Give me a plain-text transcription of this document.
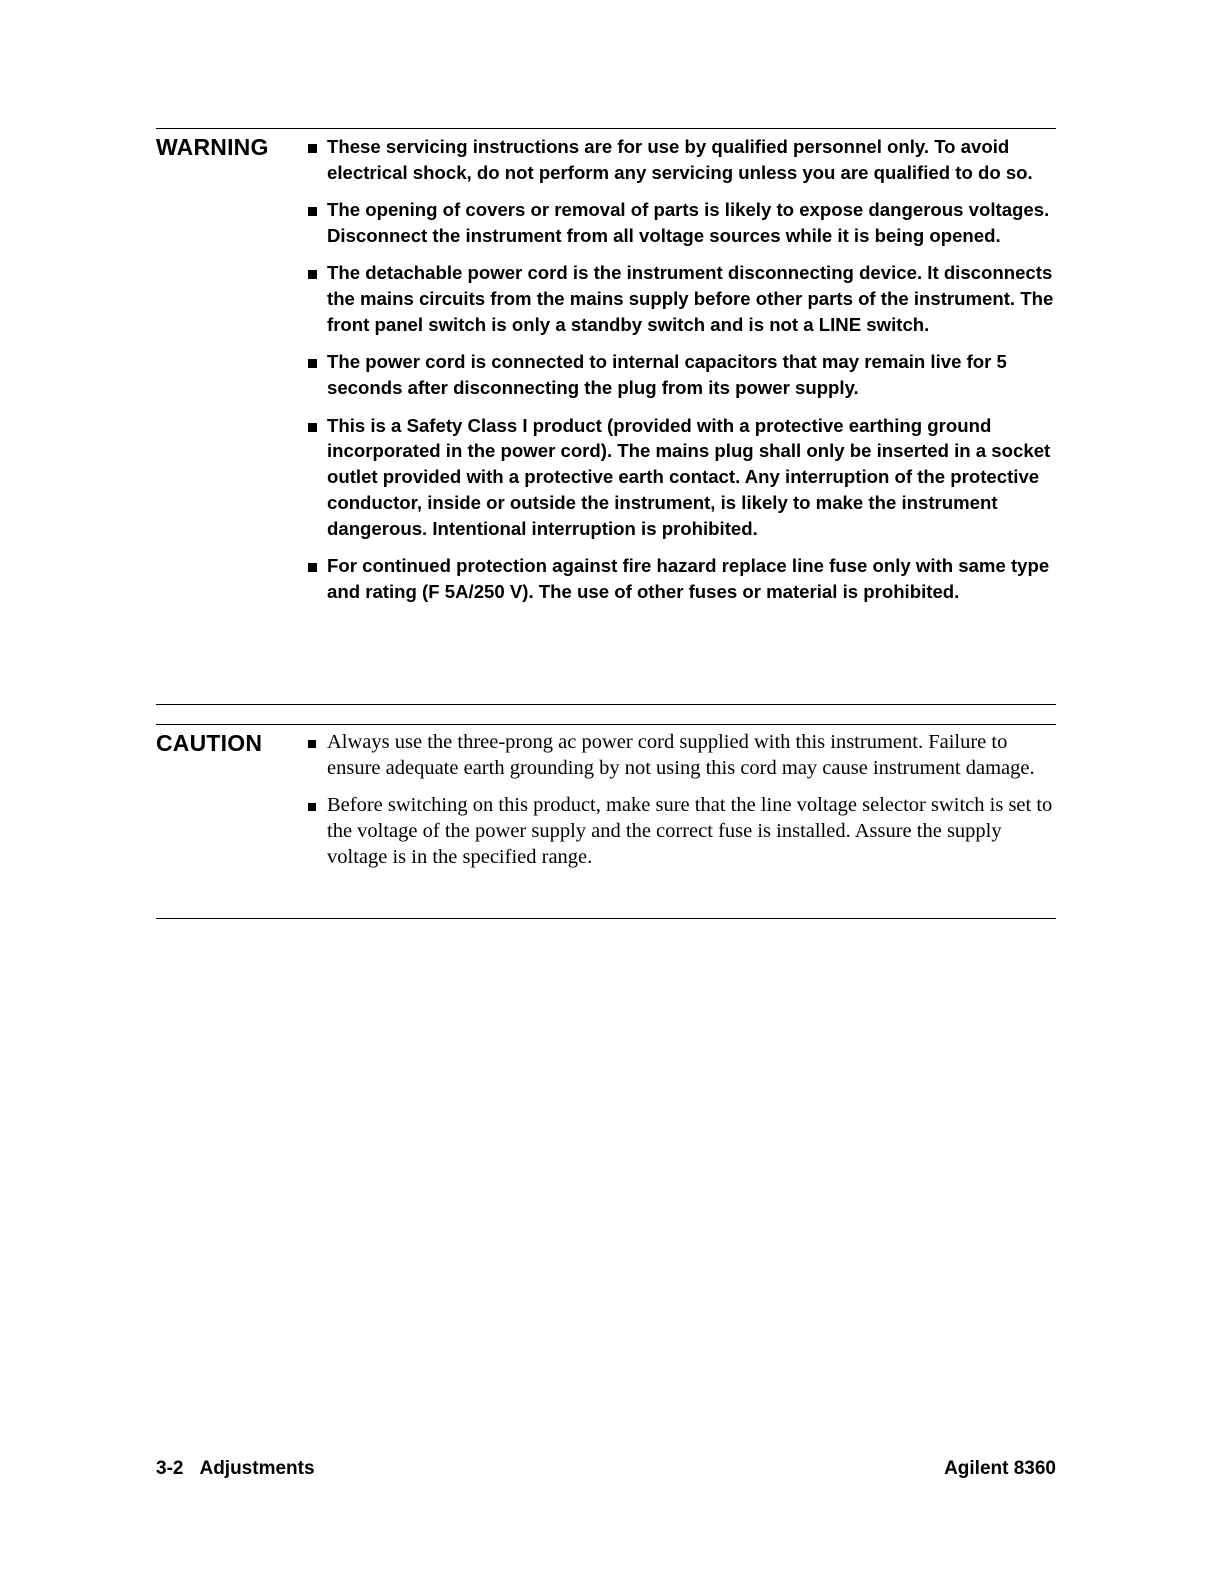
WARNING	These servicing instructions are for use by qualified personnel only. To avoid electrical shock, do not perform any servicing unless you are qualified to do so.
The opening of covers or removal of parts is likely to expose dangerous voltages. Disconnect the instrument from all voltage sources while it is being opened.
The detachable power cord is the instrument disconnecting device. It disconnects the mains circuits from the mains supply before other parts of the instrument. The front panel switch is only a standby switch and is not a LINE switch.
The power cord is connected to internal capacitors that may remain live for 5 seconds after disconnecting the plug from its power supply.
This is a Safety Class I product (provided with a protective earthing ground incorporated in the power cord). The mains plug shall only be inserted in a socket outlet provided with a protective earth contact. Any interruption of the protective conductor, inside or outside the instrument, is likely to make the instrument dangerous. Intentional interruption is prohibited.
For continued protection against fire hazard replace line fuse only with same type and rating (F 5A/250 V). The use of other fuses or material is prohibited.
CAUTION	Always use the three-prong ac power cord supplied with this instrument. Failure to ensure adequate earth grounding by not using this cord may cause instrument damage.
Before switching on this product, make sure that the line voltage selector switch is set to the voltage of the power supply and the correct fuse is installed. Assure the supply voltage is in the specified range.
3-2 Adjustments	Agilent 8360
